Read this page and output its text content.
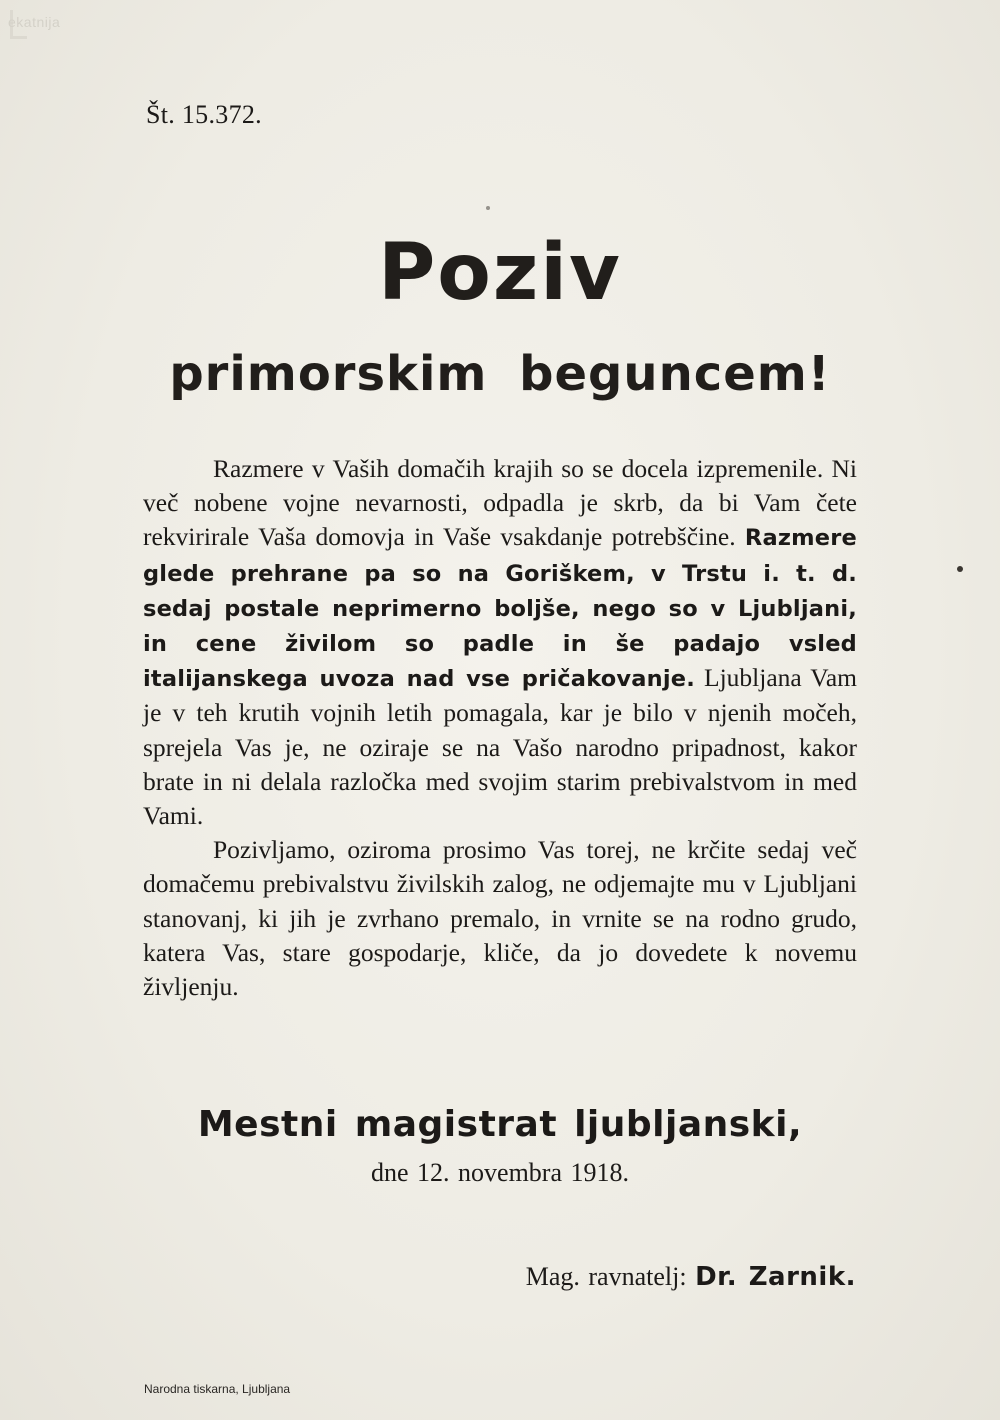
ekatnija
Št. 15.372.
Poziv
primorskim beguncem!

Razmere v Vaših domačih krajih so se docela izpremenile. Ni več nobene vojne nevarnosti, odpadla je skrb, da bi Vam čete rekvirirale Vaša domovja in Vaše vsakdanje potrebščine. Razmere glede prehrane pa so na Goriškem, v Trstu i. t. d. sedaj postale neprimerno boljše, nego so v Ljubljani, in cene živilom so padle in še padajo vsled italijanskega uvoza nad vse pričakovanje. Ljubljana Vam je v teh krutih vojnih letih pomagala, kar je bilo v njenih močeh, sprejela Vas je, ne oziraje se na Vašo narodno pripadnost, kakor brate in ni delala razločka med svojim starim prebivalstvom in med Vami.

Pozivljamo, oziroma prosimo Vas torej, ne krčite sedaj več domačemu prebivalstvu živilskih zalog, ne odjemajte mu v Ljubljani stanovanj, ki jih je zvrhano premalo, in vrnite se na rodno grudo, katera Vas, stare gospodarje, kliče, da jo dovedete k novemu življenju.

Mestni magistrat ljubljanski,
dne 12. novembra 1918.
Mag. ravnatelj: Dr. Zarnik.
Narodna tiskarna, Ljubljana
